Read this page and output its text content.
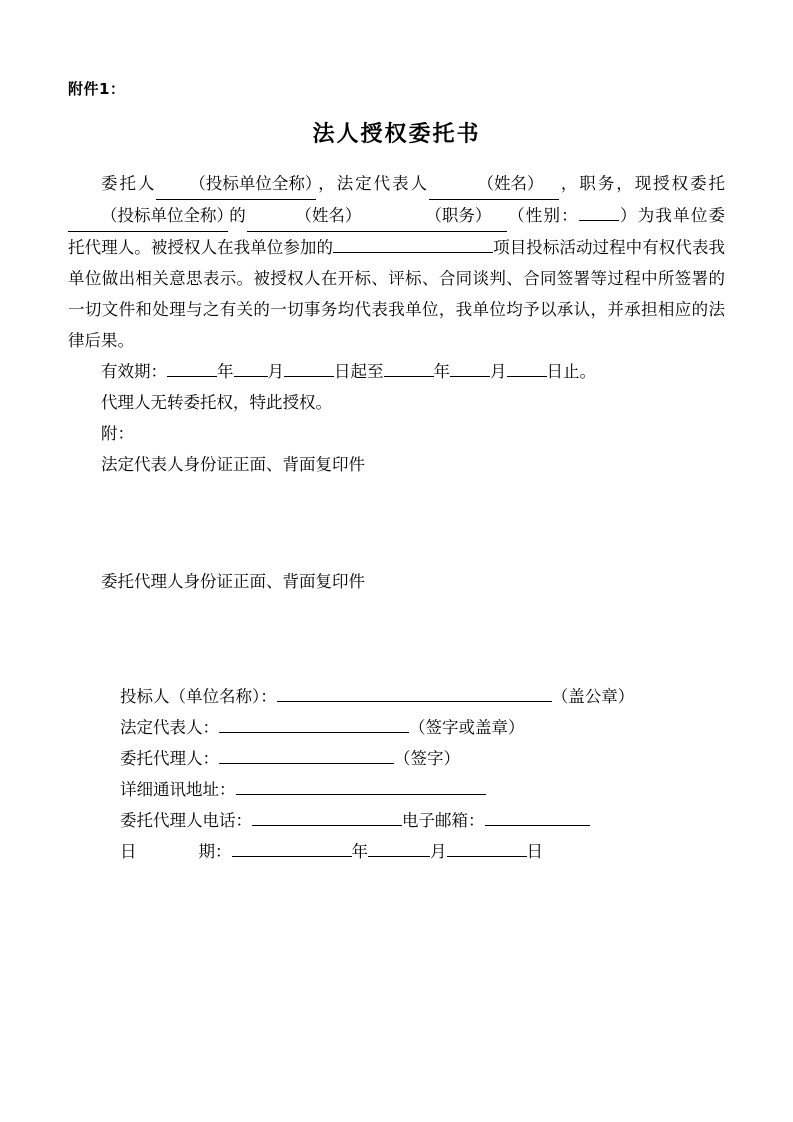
附件1：
法人授权委托书

委托人 （投标单位全称），法定代表人	（姓名） ，职务，现授权委托（投标单位全称）的	（姓名）	（职务） （性别： ）为我单位委托代理人。被授权人在我单位参加的	项目投标活动过程中有权代表我单位做出相关意思表示。被授权人在开标、评标、合同谈判、合同签署等过程中所签署的一切文件和处理与之有关的一切事务均代表我单位，我单位均予以承认，并承担相应的法律后果。

有效期：	年 月	日起至	年 月 日止。

代理人无转委托权，特此授权。

附：

法定代表人身份证正面、背面复印件

委托代理人身份证正面、背面复印件

投标人（单位名称）：	（盖公章）

法定代表人：	（签字或盖章）

委托代理人：	（签字）

详细通讯地址：

委托代理人电话：	电子邮箱：

日	期：	年	月	日
